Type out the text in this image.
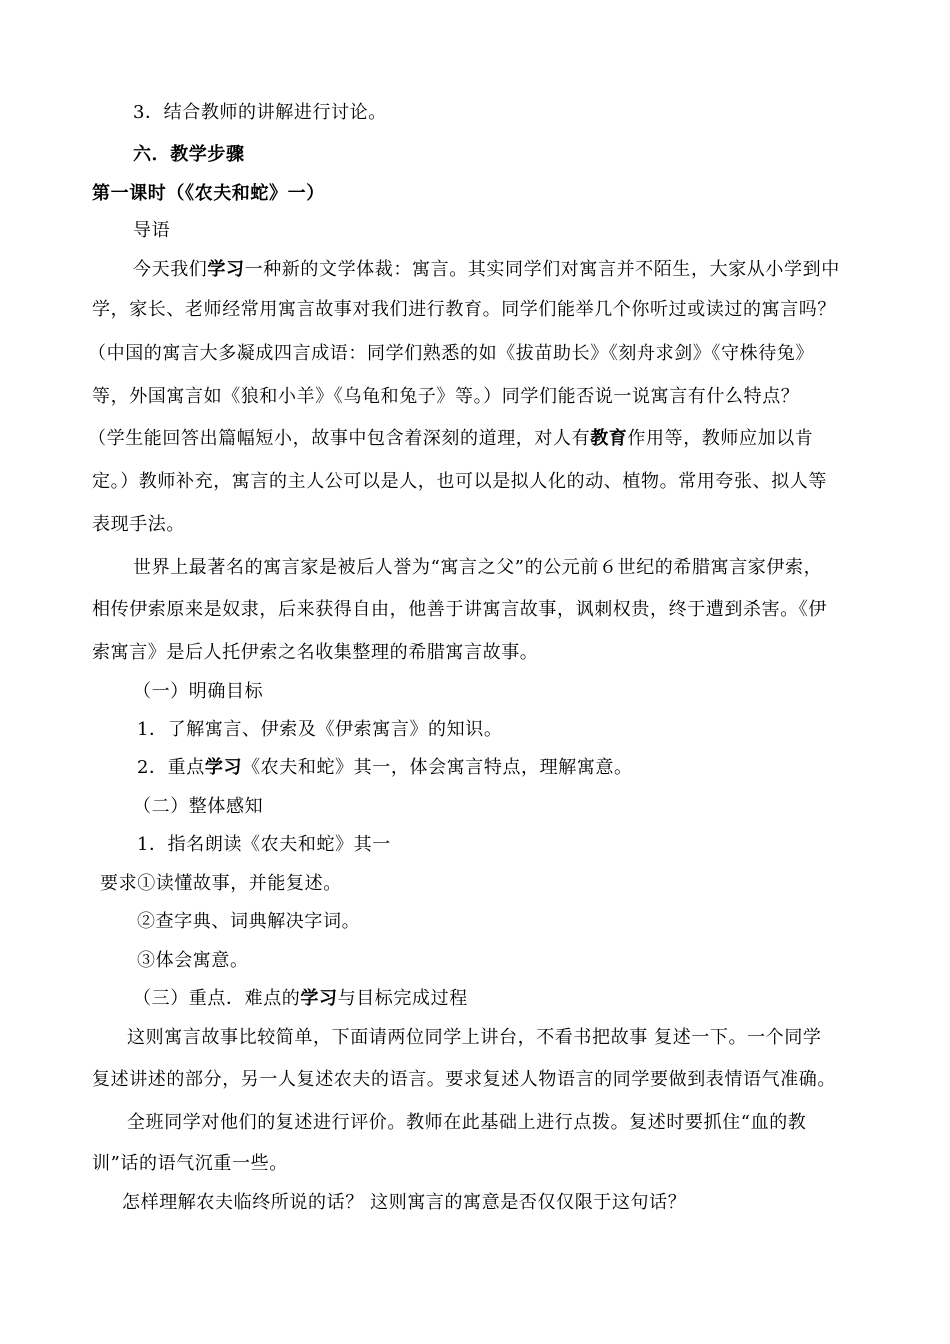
3．结合教师的讲解进行讨论。
六．教学步骤
第一课时（《农夫和蛇》一）
导语
今天我们学习一种新的文学体裁：寓言。其实同学们对寓言并不陌生，大家从小学到中
学，家长、老师经常用寓言故事对我们进行教育。同学们能举几个你听过或读过的寓言吗？
（中国的寓言大多凝成四言成语：同学们熟悉的如《拔苗助长》《刻舟求剑》《守株待兔》
等，外国寓言如《狼和小羊》《乌龟和兔子》等。）同学们能否说一说寓言有什么特点？
（学生能回答出篇幅短小，故事中包含着深刻的道理，对人有教育作用等，教师应加以肯
定。）教师补充，寓言的主人公可以是人，也可以是拟人化的动、植物。常用夸张、拟人等
表现手法。
世界上最著名的寓言家是被后人誉为“寓言之父”的公元前６世纪的希腊寓言家伊索，
相传伊索原来是奴隶，后来获得自由，他善于讲寓言故事，讽刺权贵，终于遭到杀害。《伊
索寓言》是后人托伊索之名收集整理的希腊寓言故事。
（一）明确目标
1．了解寓言、伊索及《伊索寓言》的知识。
2．重点学习《农夫和蛇》其一，体会寓言特点，理解寓意。
（二）整体感知
1．指名朗读《农夫和蛇》其一
要求①读懂故事，并能复述。
②查字典、词典解决字词。
③体会寓意。
（三）重点．难点的学习与目标完成过程
这则寓言故事比较简单，下面请两位同学上讲台，不看书把故事 复述一下。一个同学
复述讲述的部分，另一人复述农夫的语言。要求复述人物语言的同学要做到表情语气准确。
全班同学对他们的复述进行评价。教师在此基础上进行点拨。复述时要抓住“血的教
训”话的语气沉重一些。
怎样理解农夫临终所说的话？ 这则寓言的寓意是否仅仅限于这句话？
